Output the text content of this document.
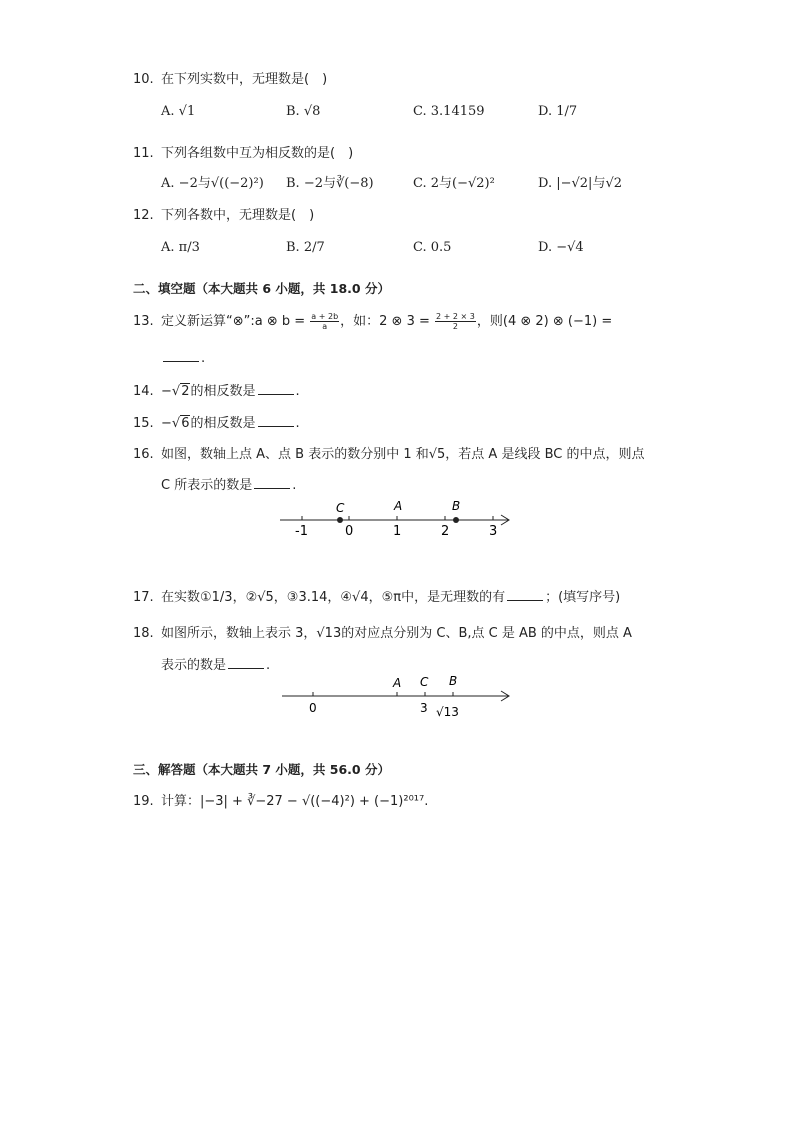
10. 在下列实数中，无理数是(　)
A. √1	B. √8	C. 3.14159	D. 1/7
11. 下列各组数中互为相反数的是(　)
A. −2与√((−2)²) B. −2与∛(−8)	C. 2与(−√2)²	D. |−√2|与√2
12. 下列各数中，无理数是(　)
A. π/3	B. 2/7	C. 0.5	D. −√4
二、填空题（本大题共 6 小题，共 18.0 分）
13. 定义新运算“⊗”:a ⊗ $b = \frac{a + 2b}{a}$ ，如：2 ⊗ $3 = \frac{2 + 2 \times 3}{2}$ ，则(4 ⊗ 2) ⊗ (−1) =
.
14. −√2的相反数是	.
15. −√6的相反数是	.
16. 如图，数轴上点 A、点 B 表示的数分别中 1 和√5，若点 A 是线段 BC 的中点，则点
C 所表示的数是	.
C	A	B
-1	0	1	2	3
17. 在实数①1/3，②√5，③3.14，④√4，⑤π中，是无理数的有	；(填写序号)
18. 如图所示，数轴上表示 3，√13的对应点分别为 C、B,点 C 是 AB 的中点，则点 A
表示的数是	.
A C B
0	3 √13
三、解答题（本大题共 7 小题，共 56.0 分）
19. 计算：|−3| + ∛−27 − √((−4)²) + (−1)²⁰¹⁷.
